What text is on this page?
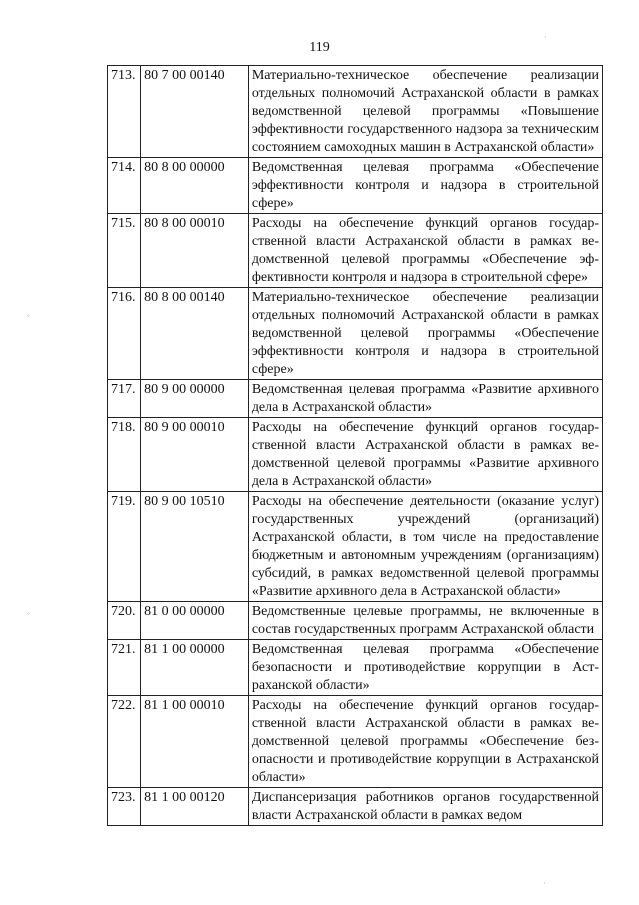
119
713.	80 7 00 00140	Материально-техническое обеспечение реализации отдельных полномочий Астраханской области в рамках ведомственной целевой программы «Повышение эффективности государственного надзора за техническим состоянием самоходных машин в Астраханской области»
714.	80 8 00 00000	Ведомственная целевая программа «Обеспечение эффективности контроля и надзора в строительной сфере»
715.	80 8 00 00010	Расходы на обеспечение функций органов государственной власти Астраханской области в рамках ведомственной целевой программы «Обеспечение эффективности контроля и надзора в строительной сфере»
716.	80 8 00 00140	Материально-техническое обеспечение реализации отдельных полномочий Астраханской области в рамках ведомственной целевой программы «Обеспечение эффективности контроля и надзора в строительной сфере»
717.	80 9 00 00000	Ведомственная целевая программа «Развитие архивного дела в Астраханской области»
718.	80 9 00 00010	Расходы на обеспечение функций органов государственной власти Астраханской области в рамках ведомственной целевой программы «Развитие архивного дела в Астраханской области»
719.	80 9 00 10510	Расходы на обеспечение деятельности (оказание услуг) государственных учреждений (организаций) Астраханской области, в том числе на предоставление бюджетным и автономным учреждениям (организациям) субсидий, в рамках ведомственной целевой программы «Развитие архивного дела в Астраханской области»
720.	81 0 00 00000	Ведомственные целевые программы, не включенные в состав государственных программ Астраханской области
721.	81 1 00 00000	Ведомственная целевая программа «Обеспечение безопасности и противодействие коррупции в Астраханской области»
722.	81 1 00 00010	Расходы на обеспечение функций органов государственной власти Астраханской области в рамках ведомственной целевой программы «Обеспечение безопасности и противодействие коррупции в Астраханской области»
723.	81 1 00 00120	Диспансеризация работников органов государственной власти Астраханской области в рамках ведом
◦
◦
·
·
